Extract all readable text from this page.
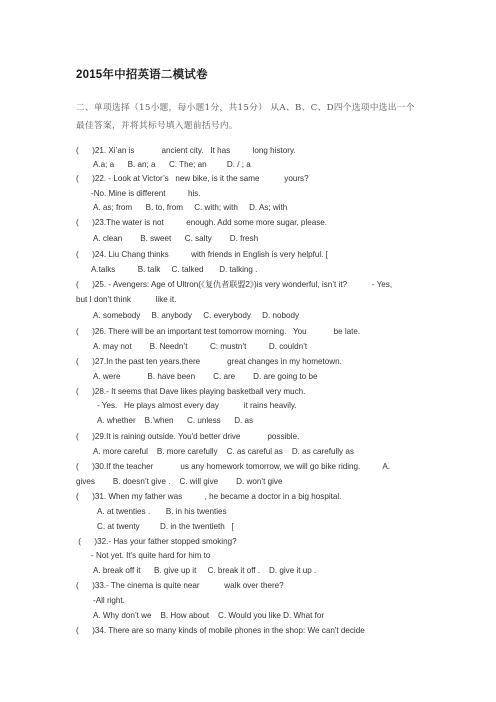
2015年中招英语二模试卷
二、单项选择（15小题，每小题1分，共15分） 从A、B、C、D四个选项中选出一个
最佳答案，并将其标号填入题前括号内。
(      )21. Xi’an is            ancient city.   It has          long history.
A.a; a      B. an; a      C. The; an         D. / ; a
(      )22. - Look at Victor’s   new bike, is it the same           yours?
-No. Mine is different          his.
A. as; from      B. to, from     C. with; with     D. As; with
(      )23.The water is not          enough. Add some more sugar, please.
A. clean        B. sweet      C. salty        D. fresh
(      )24. Liu Chang thinks          with friends in English is very helpful. [
A.talks          B. talk     C. talked       D. talking .
(      )25. - Avengers: Age of Ultron(《复仇者联盟2》)is very wonderful, isn’t it?           - Yes,
but I don’t think           like it.
A. somebody     B. anybody     C. everybody     D. nobody
(      )26. There will be an important test tomorrow morning.   You            be late.
A. may not        B. Needn’t          C: mustn’t          D. couldn’t
(      )27.In the past ten years.there            great changes in my hometown.
A. were            B. have been        C. are        D. are going to be
(      )28.- It seems that Dave likes playing basketball very much.
- Yes.   He plays almost every day           it rains heavily.
A. whether    B.’when      C. unless      D. as
(      )29.It is raining outside. You'd better drive            possible.
A. more careful    B. more carefully    C. as careful as    D. as carefully as
(      )30.If the teacher            us any homework tomorrow, we will go bike riding.          A.
gives        B. doesn’t give .    C. will give        D. won’t give
(      )31. When my father was          , he became a doctor in a big hospital.
A. at twenties .       B. in his twenties
C. at twenty         D. in the twentieth   [
(      )32.- Has your father stopped smoking?
- Not yet. It's quite hard for him to
A. break off it      B. give up it     C. break it off .    D. give it up .
(      )33.- The cinema is quite near           walk over there?
-All right.
A. Why don’t we    B. How about    C. Would you like D. What for
(      )34. There are so many kinds of mobile phones in the shop: We can't decide
